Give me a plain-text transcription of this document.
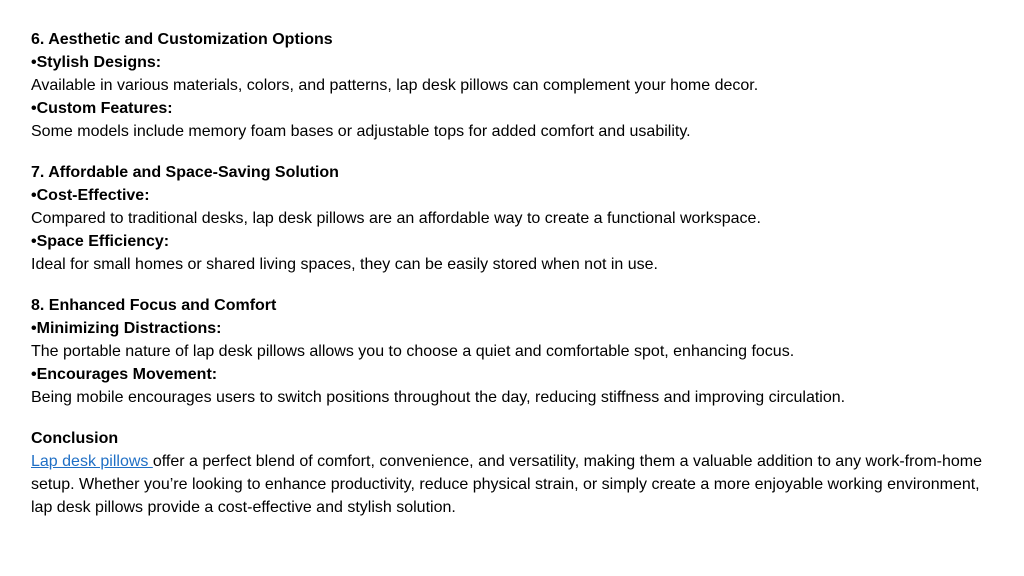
6. Aesthetic and Customization Options
•Stylish Designs:
Available in various materials, colors, and patterns, lap desk pillows can complement your home decor.
•Custom Features:
Some models include memory foam bases or adjustable tops for added comfort and usability.
7. Affordable and Space-Saving Solution
•Cost-Effective:
Compared to traditional desks, lap desk pillows are an affordable way to create a functional workspace.
•Space Efficiency:
Ideal for small homes or shared living spaces, they can be easily stored when not in use.
8. Enhanced Focus and Comfort
•Minimizing Distractions:
The portable nature of lap desk pillows allows you to choose a quiet and comfortable spot, enhancing focus.
•Encourages Movement:
Being mobile encourages users to switch positions throughout the day, reducing stiffness and improving circulation.
Conclusion
Lap desk pillows offer a perfect blend of comfort, convenience, and versatility, making them a valuable addition to any work-from-home setup. Whether you’re looking to enhance productivity, reduce physical strain, or simply create a more enjoyable working environment, lap desk pillows provide a cost-effective and stylish solution.
